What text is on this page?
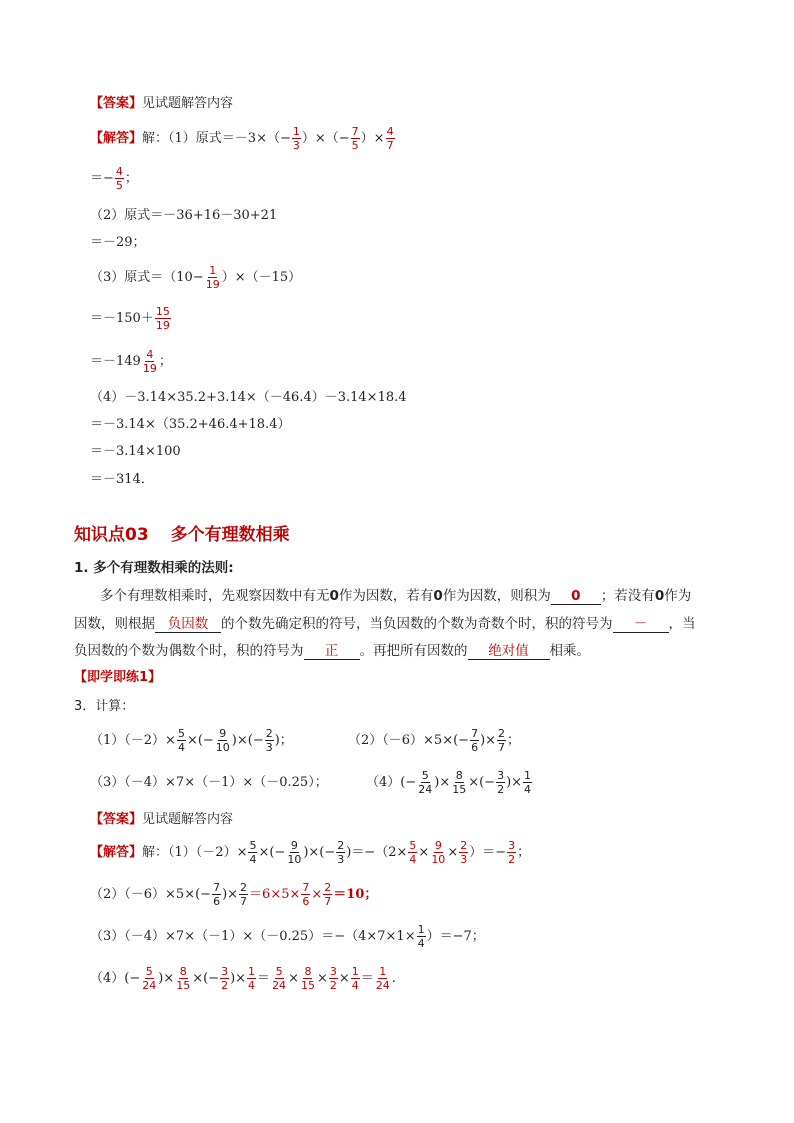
【答案】见试题解答内容
【解答】解：（1）原式$=-3\times(- \frac{1}{3}$ ）×（− $\frac{7}{5}$ ）× $\frac{4}{7}$
＝− $\frac{4}{5}$ ；
（2）原式＝－36+16－30+21
＝－29；
（3）原式$=(10- \frac{1}{19} )\times(-15)$
$=-150+ \frac{15}{19}$
$=-149 \frac{4}{19}$ ；
（4）－3.14×35.2+3.14×（－46.4）－3.14×18.4
＝－3.14×（35.2+46.4+18.4）
＝－3.14×100
＝－314．
知识点03 多个有理数相乘
1. 多个有理数相乘的法则:
多个有理数相乘时，先观察因数中有无0作为因数，若有0作为因数，则积为 0 ；若没有0作为
因数，则根据 负因数 的个数先确定积的符号，当负因数的个数为奇数个时，积的符号为 － ，当
负因数的个数为偶数个时，积的符号为 正 。再把所有因数的 绝对值 相乘。
【即学即练1】
3．计算：
$(1)(-2)\times \frac{5}{4}$ ×(− $\frac{9}{10}$ )×(− $\frac{2}{3}$ )；	$(2)(-6)\times 5\times(- \frac{7}{6}$ )× $\frac{2}{7}$ ；
（3）（－4）×7×（－1）×（－0.25）；	$(4)(- \frac{5}{24}$ )× $\frac{8}{15}$ ×(− $\frac{3}{2}$ )× $\frac{1}{4}$
【答案】见试题解答内容
【解答】解：$(1)(-2)\times \frac{5}{4}$ ×(− $\frac{9}{10}$ )×(− $\frac{2}{3} )=-(2\times \frac{5}{4} \times \frac{9}{10} \times \frac{2}{3}$ ）＝− $\frac{3}{2}$ ；
$(2)(-6)\times 5\times(- \frac{7}{6}$ )× $\frac{2}{7} =6\times 5\times \frac{7}{6} \times \frac{2}{7} =10$；
$(3)(-4)\times 7\times(-1)\times(-0.25)=-(4\times 7\times 1\times \frac{1}{4} )=-7$；
$(4)(- \frac{5}{24}$ )× $\frac{8}{15}$ ×(− $\frac{3}{2}$ )× $\frac{1}{4} = \frac{5}{24} \times \frac{8}{15} \times \frac{3}{2} \times \frac{1}{4} = \frac{1}{24}$ .
